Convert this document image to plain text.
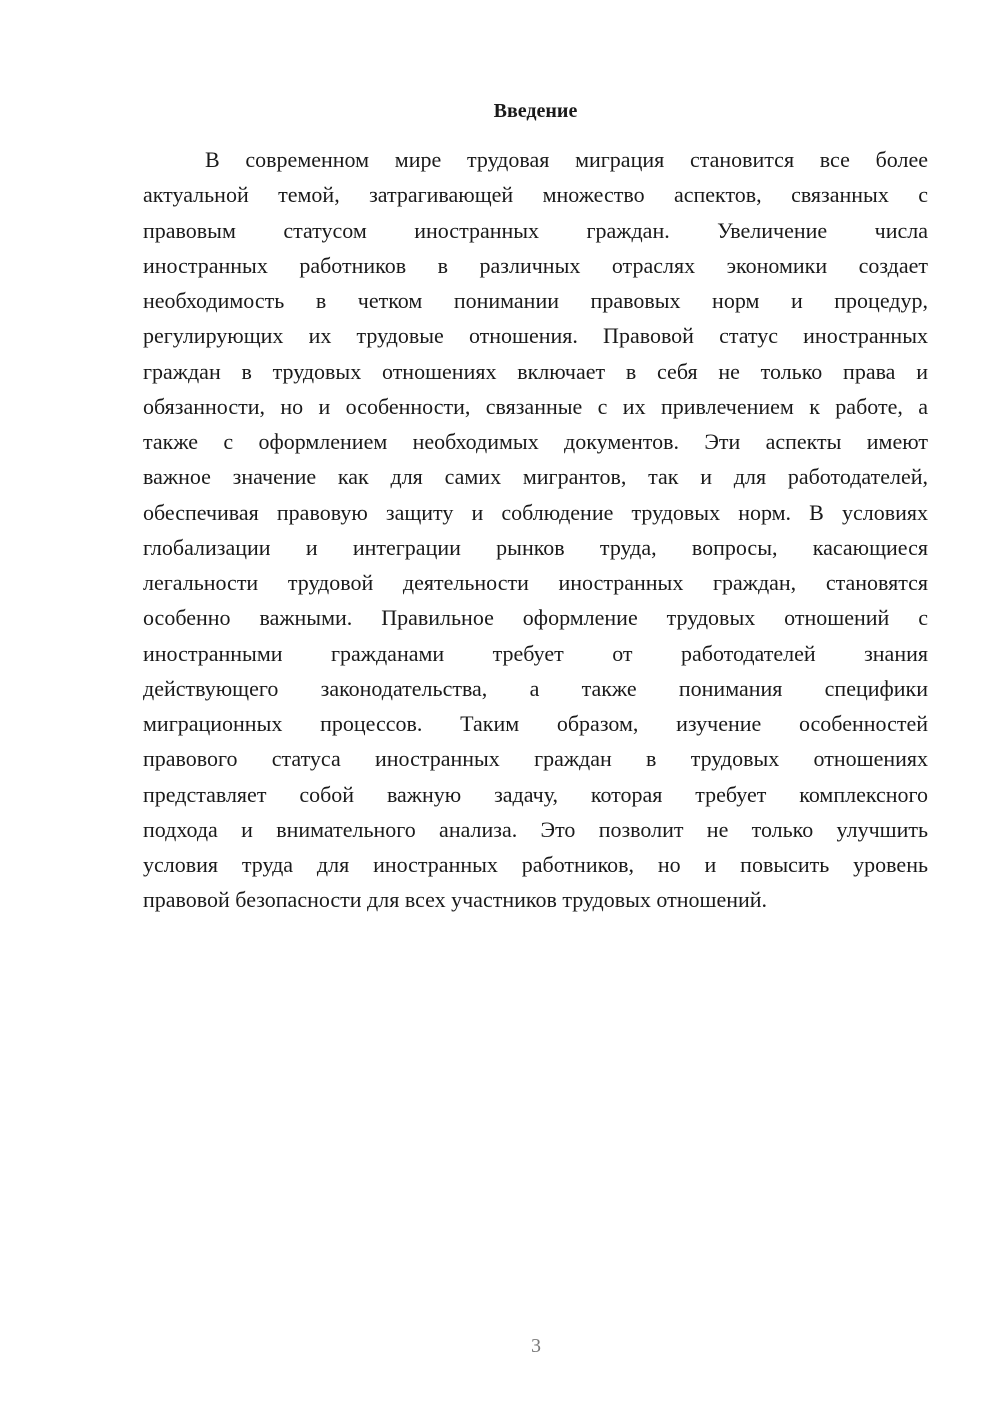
Введение

В современном мире трудовая миграция становится все более
актуальной темой, затрагивающей множество аспектов, связанных с
правовым статусом иностранных граждан. Увеличение числа
иностранных работников в различных отраслях экономики создает
необходимость в четком понимании правовых норм и процедур,
регулирующих их трудовые отношения. Правовой статус иностранных
граждан в трудовых отношениях включает в себя не только права и
обязанности, но и особенности, связанные с их привлечением к работе, а
также с оформлением необходимых документов. Эти аспекты имеют
важное значение как для самих мигрантов, так и для работодателей,
обеспечивая правовую защиту и соблюдение трудовых норм. В условиях
глобализации и интеграции рынков труда, вопросы, касающиеся
легальности трудовой деятельности иностранных граждан, становятся
особенно важными. Правильное оформление трудовых отношений с
иностранными гражданами требует от работодателей знания
действующего законодательства, а также понимания специфики
миграционных процессов. Таким образом, изучение особенностей
правового статуса иностранных граждан в трудовых отношениях
представляет собой важную задачу, которая требует комплексного
подхода и внимательного анализа. Это позволит не только улучшить
условия труда для иностранных работников, но и повысить уровень
правовой безопасности для всех участников трудовых отношений.

3
